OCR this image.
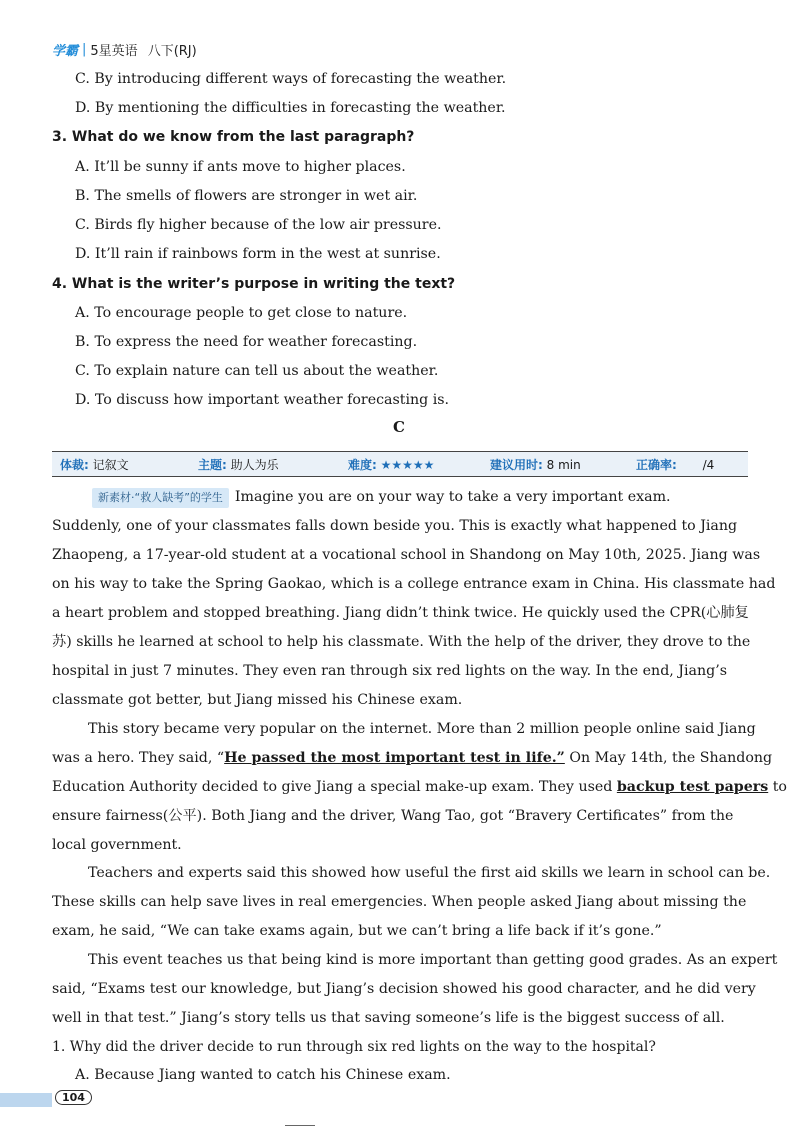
学霸 | 5星英语 八下(RJ)
C. By introducing different ways of forecasting the weather.
D. By mentioning the difficulties in forecasting the weather.
3. What do we know from the last paragraph?
A. It’ll be sunny if ants move to higher places.
B. The smells of flowers are stronger in wet air.
C. Birds fly higher because of the low air pressure.
D. It’ll rain if rainbows form in the west at sunrise.
4. What is the writer’s purpose in writing the text?
A. To encourage people to get close to nature.
B. To express the need for weather forecasting.
C. To explain nature can tell us about the weather.
D. To discuss how important weather forecasting is.
C
体裁: 记叙文	主题: 助人为乐	难度: ★★★★★	建议用时: 8 min	正确率: /4
新素材·“救人缺考”的学生 Imagine you are on your way to take a very important exam.
Suddenly, one of your classmates falls down beside you. This is exactly what happened to Jiang
Zhaopeng, a 17-year-old student at a vocational school in Shandong on May 10th, 2025. Jiang was
on his way to take the Spring Gaokao, which is a college entrance exam in China. His classmate had
a heart problem and stopped breathing. Jiang didn’t think twice. He quickly used the CPR(心肺复
苏) skills he learned at school to help his classmate. With the help of the driver, they drove to the
hospital in just 7 minutes. They even ran through six red lights on the way. In the end, Jiang’s
classmate got better, but Jiang missed his Chinese exam.
This story became very popular on the internet. More than 2 million people online said Jiang
was a hero. They said, “He passed the most important test in life.” On May 14th, the Shandong
Education Authority decided to give Jiang a special make-up exam. They used backup test papers to
ensure fairness(公平). Both Jiang and the driver, Wang Tao, got “Bravery Certificates” from the
local government.
Teachers and experts said this showed how useful the first aid skills we learn in school can be.
These skills can help save lives in real emergencies. When people asked Jiang about missing the
exam, he said, “We can take exams again, but we can’t bring a life back if it’s gone.”
This event teaches us that being kind is more important than getting good grades. As an expert
said, “Exams test our knowledge, but Jiang’s decision showed his good character, and he did very
well in that test.” Jiang’s story tells us that saving someone’s life is the biggest success of all.
1. Why did the driver decide to run through six red lights on the way to the hospital?
A. Because Jiang wanted to catch his Chinese exam.
104
